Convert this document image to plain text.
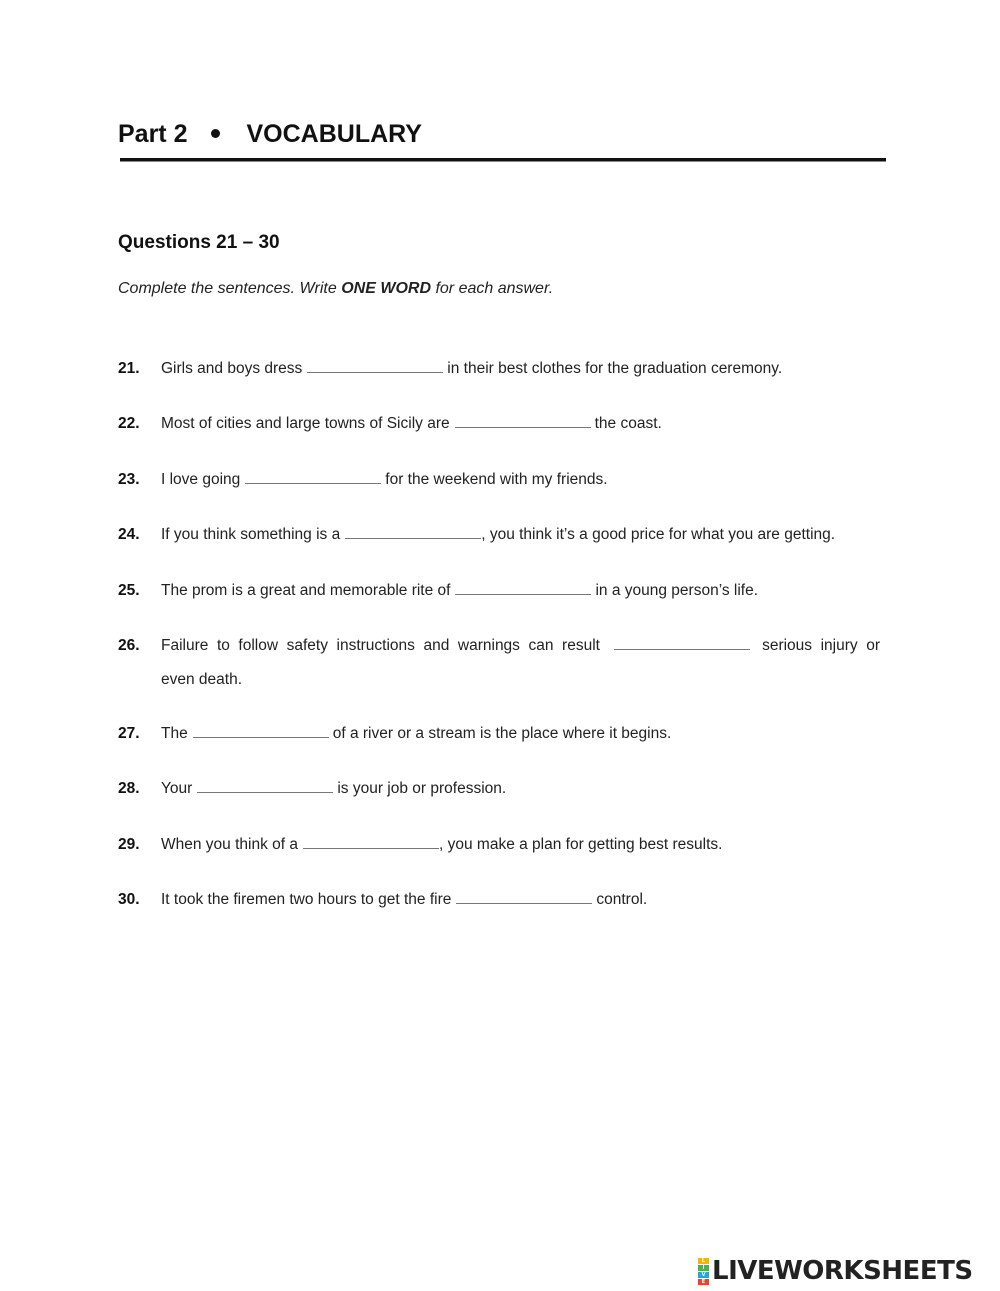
Part 2 VOCABULARY
Questions 21 – 30
Complete the sentences. Write ONE WORD for each answer.
21. Girls and boys dress	in their best clothes for the graduation ceremony.
22. Most of cities and large towns of Sicily are	the coast.
23. I love going	for the weekend with my friends.
24. If you think something is a	, you think it’s a good price for what you are getting.
25. The prom is a great and memorable rite of	in a young person’s life.
26. Failure to follow safety instructions and warnings can result	serious injury or
even death.
27. The	of a river or a stream is the place where it begins.
28. Your	is your job or profession.
29. When you think of a	, you make a plan for getting best results.
30. It took the firemen two hours to get the fire	control.
L
I
V
E LIVEWORKSHEETS
